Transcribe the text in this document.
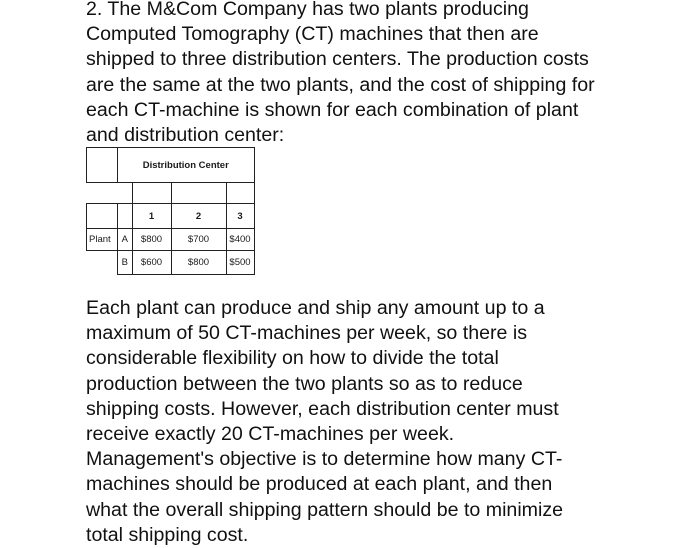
2. The M&Com Company has two plants producing
Computed Tomography (CT) machines that then are
shipped to three distribution centers. The production costs
are the same at the two plants, and the cost of shipping for
each CT-machine is shown for each combination of plant
and distribution center:
	Distribution Center			

		1	2	3
Plant	A	$800	$700	$400
	B	$600	$800	$500
Each plant can produce and ship any amount up to a
maximum of 50 CT-machines per week, so there is
considerable flexibility on how to divide the total
production between the two plants so as to reduce
shipping costs. However, each distribution center must
receive exactly 20 CT-machines per week.
Management's objective is to determine how many CT-
machines should be produced at each plant, and then
what the overall shipping pattern should be to minimize
total shipping cost.
